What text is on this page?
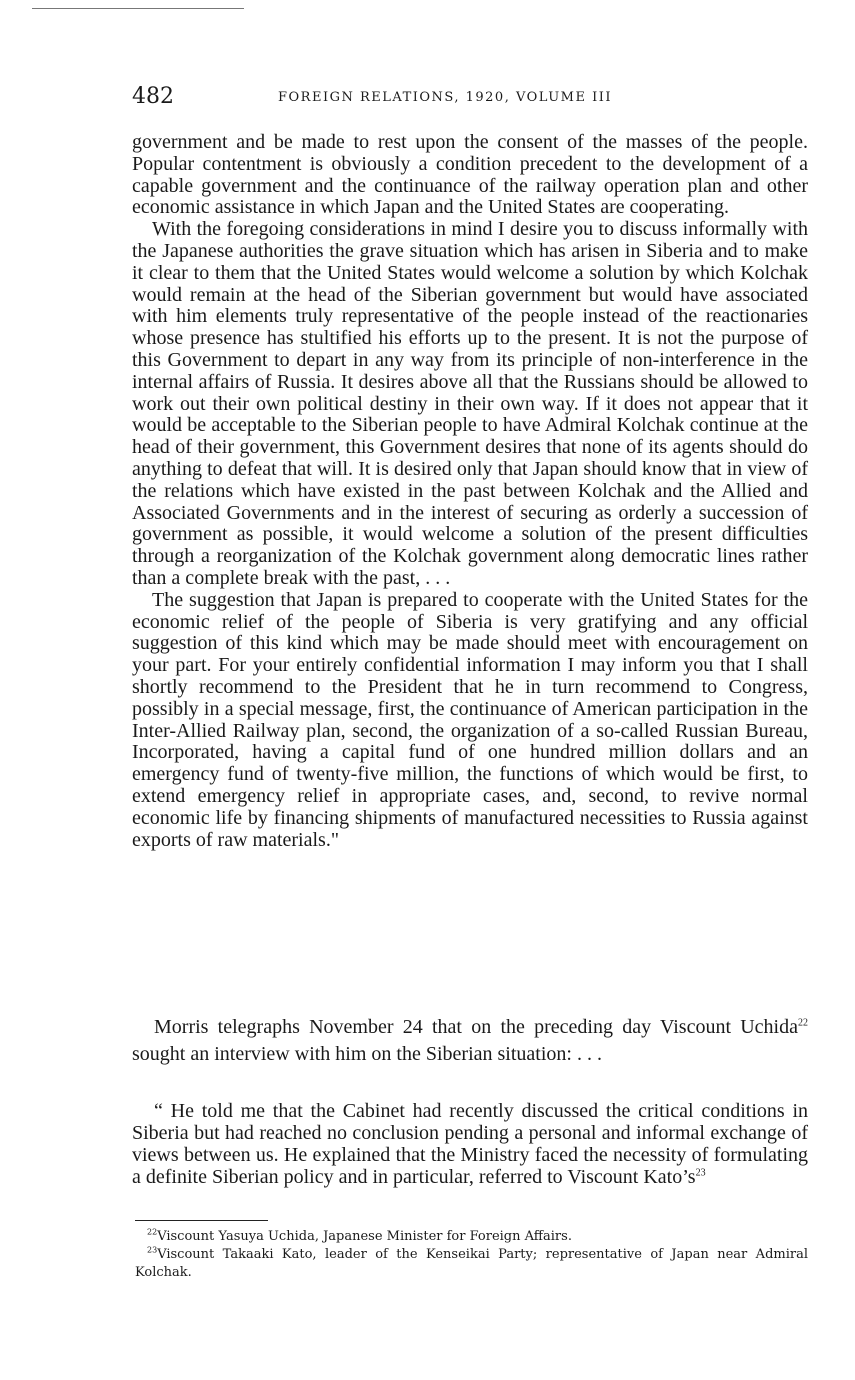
482	FOREIGN RELATIONS, 1920, VOLUME III

government and be made to rest upon the consent of the masses of the people. Popular contentment is obviously a condition precedent to the development of a capable government and the continuance of the railway operation plan and other economic assistance in which Japan and the United States are cooperating.

With the foregoing considerations in mind I desire you to discuss informally with the Japanese authorities the grave situation which has arisen in Siberia and to make it clear to them that the United States would welcome a solution by which Kolchak would remain at the head of the Siberian government but would have associated with him elements truly representative of the people instead of the reactionaries whose presence has stultified his efforts up to the present. It is not the purpose of this Government to depart in any way from its principle of non-interference in the internal affairs of Russia. It desires above all that the Russians should be allowed to work out their own political destiny in their own way. If it does not appear that it would be acceptable to the Siberian people to have Admiral Kolchak continue at the head of their government, this Government desires that none of its agents should do anything to defeat that will. It is desired only that Japan should know that in view of the relations which have existed in the past between Kolchak and the Allied and Associated Governments and in the interest of securing as orderly a succession of government as possible, it would welcome a solution of the present difficulties through a reorganization of the Kolchak government along democratic lines rather than a complete break with the past, . . .

The suggestion that Japan is prepared to cooperate with the United States for the economic relief of the people of Siberia is very gratifying and any official suggestion of this kind which may be made should meet with encouragement on your part. For your entirely confidential information I may inform you that I shall shortly recommend to the President that he in turn recommend to Congress, possibly in a special message, first, the continuance of American participation in the Inter-Allied Railway plan, second, the organization of a so-called Russian Bureau, Incorporated, having a capital fund of one hundred million dollars and an emergency fund of twenty-five million, the functions of which would be first, to extend emergency relief in appropriate cases, and, second, to revive normal economic life by financing shipments of manufactured necessities to Russia against exports of raw materials."

Morris telegraphs November 24 that on the preceding day Viscount Uchida$^{22}$ sought an interview with him on the Siberian situation: . . .

“ He told me that the Cabinet had recently discussed the critical conditions in Siberia but had reached no conclusion pending a personal and informal exchange of views between us. He explained that the Ministry faced the necessity of formulating a definite Siberian policy and in particular, referred to Viscount $Kato’s^{23}$

$^{22}$Viscount Yasuya Uchida, Japanese Minister for Foreign Affairs.

$^{23}$Viscount Takaaki Kato, leader of the Kenseikai Party; representative of Japan near Admiral Kolchak.
